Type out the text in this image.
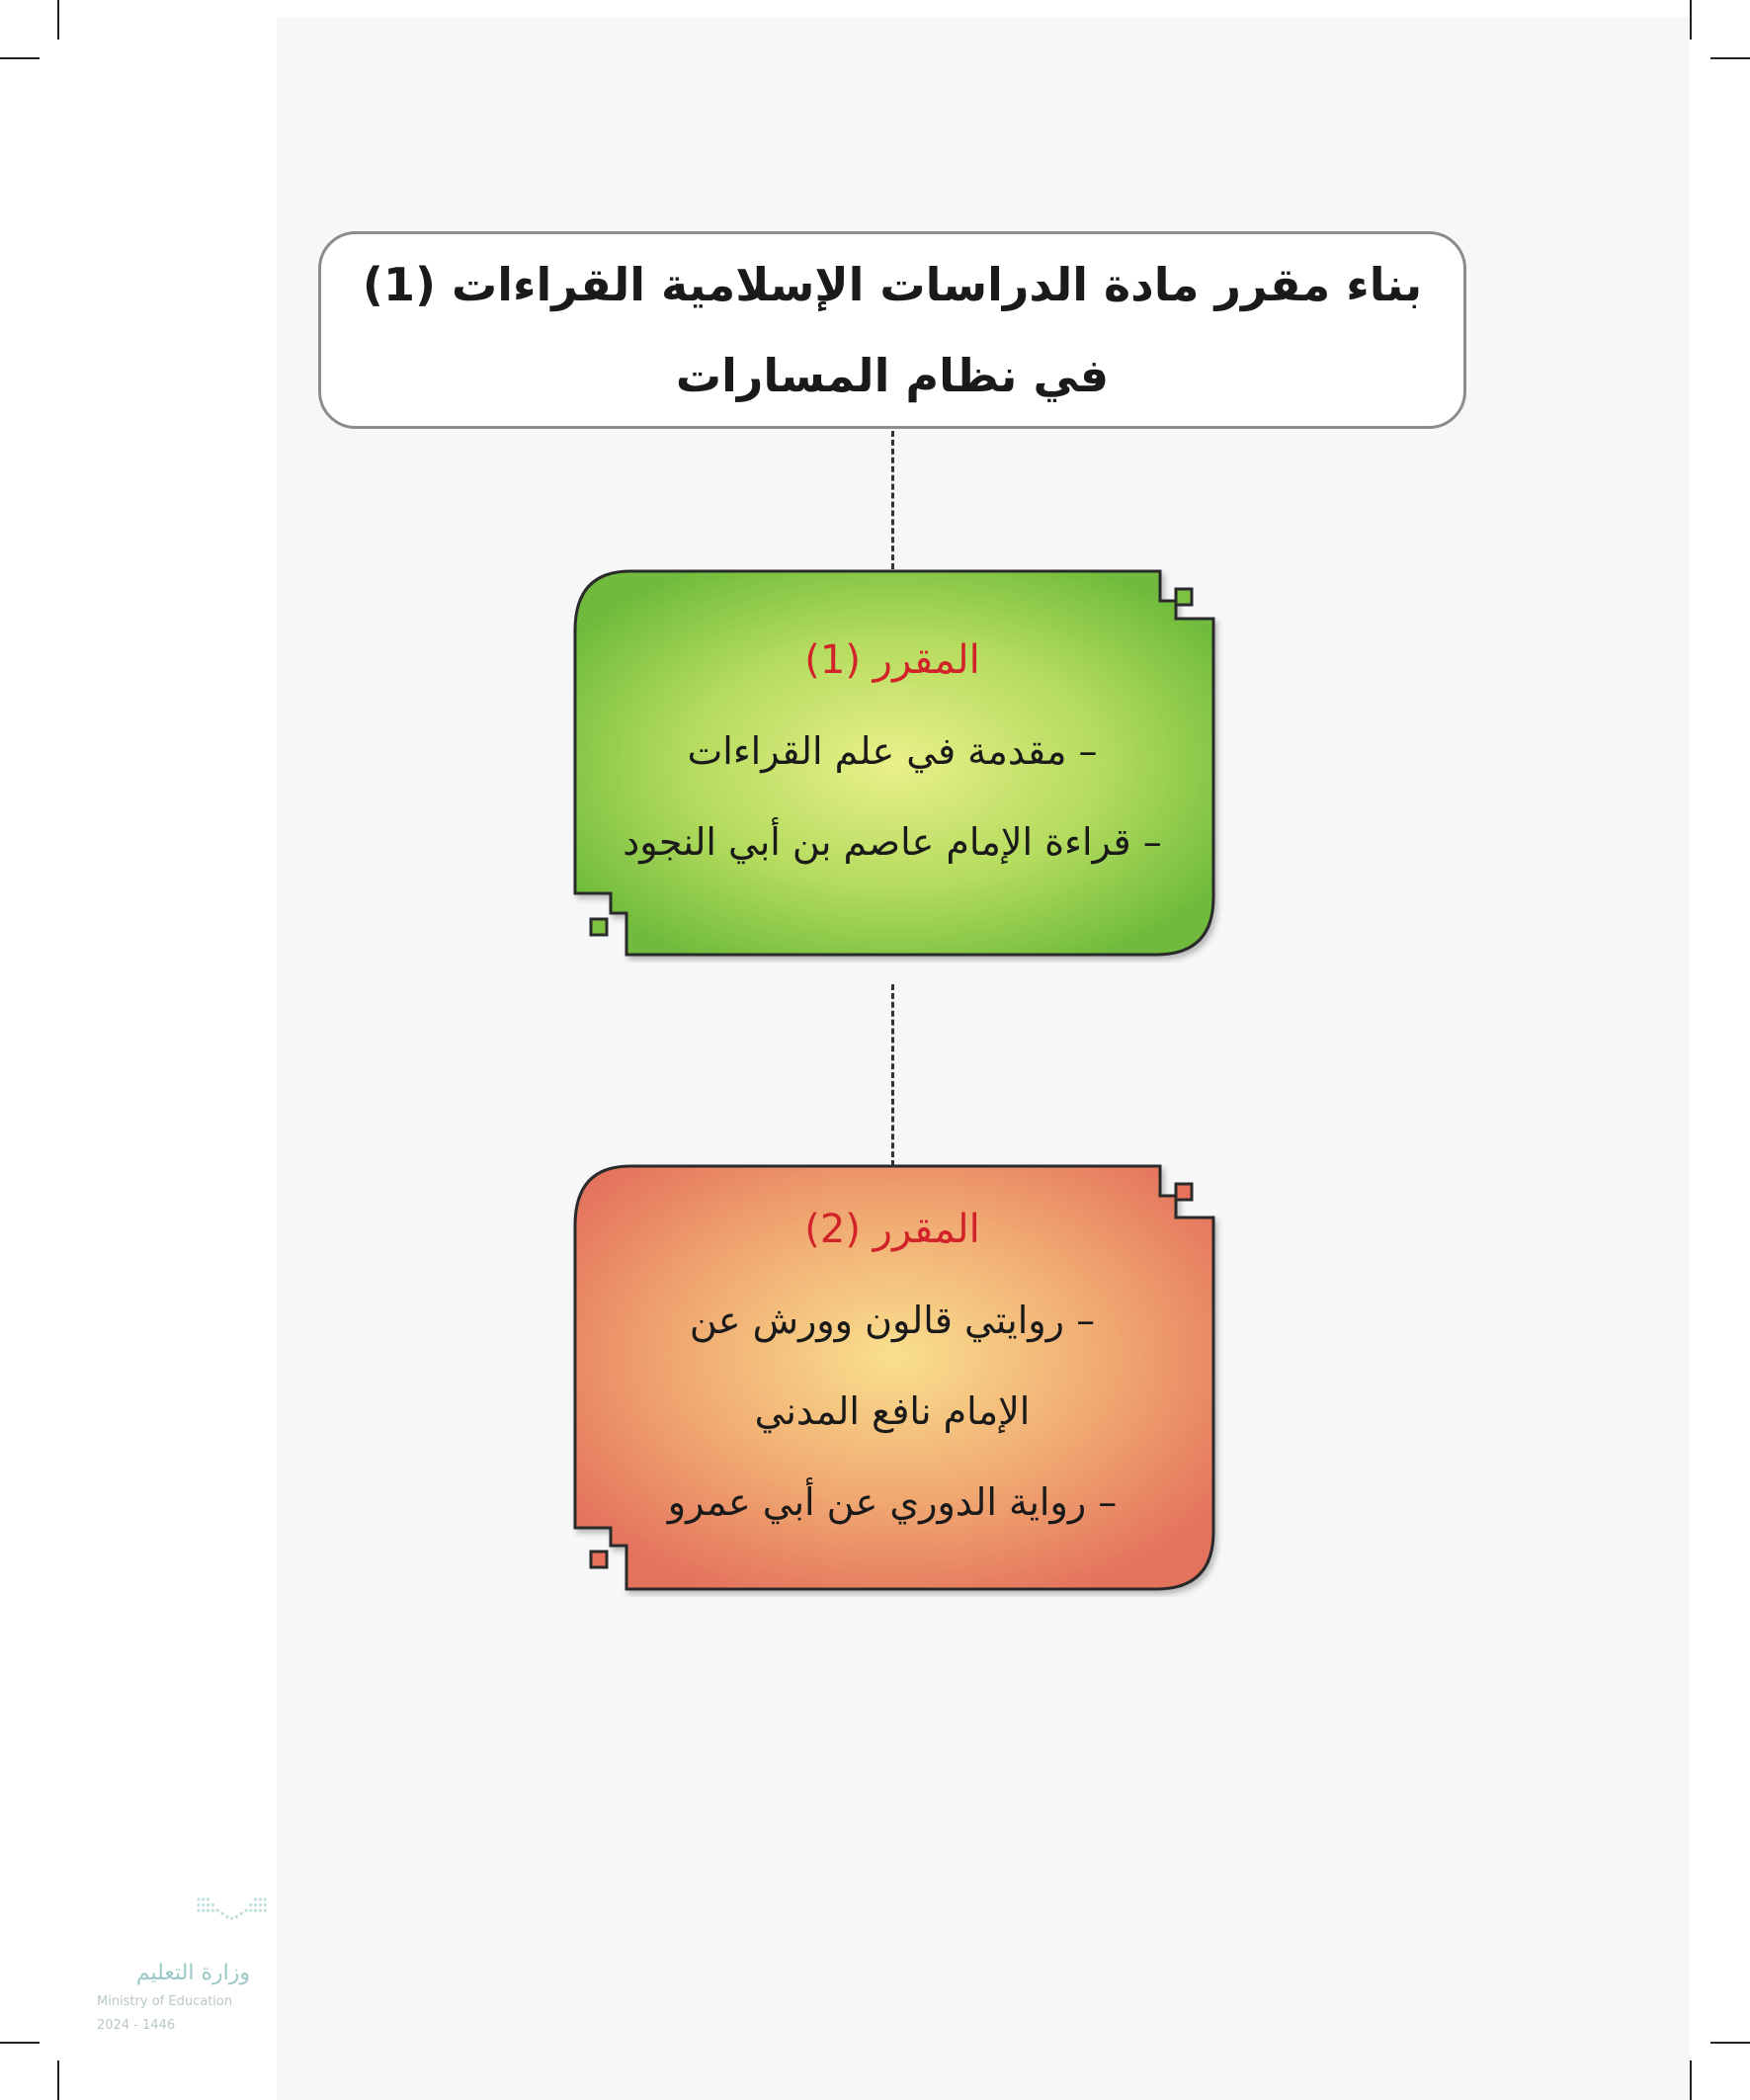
بناء مقرر مادة الدراسات الإسلامية القراءات (1)
في نظام المسارات
المقرر (1)
– مقدمة في علم القراءات
– قراءة الإمام عاصم بن أبي النجود
المقرر (2)
– روايتي قالون وورش عن
الإمام نافع المدني
– رواية الدوري عن أبي عمرو
وزارة التعليم
Ministry of Education
2024 - 1446
